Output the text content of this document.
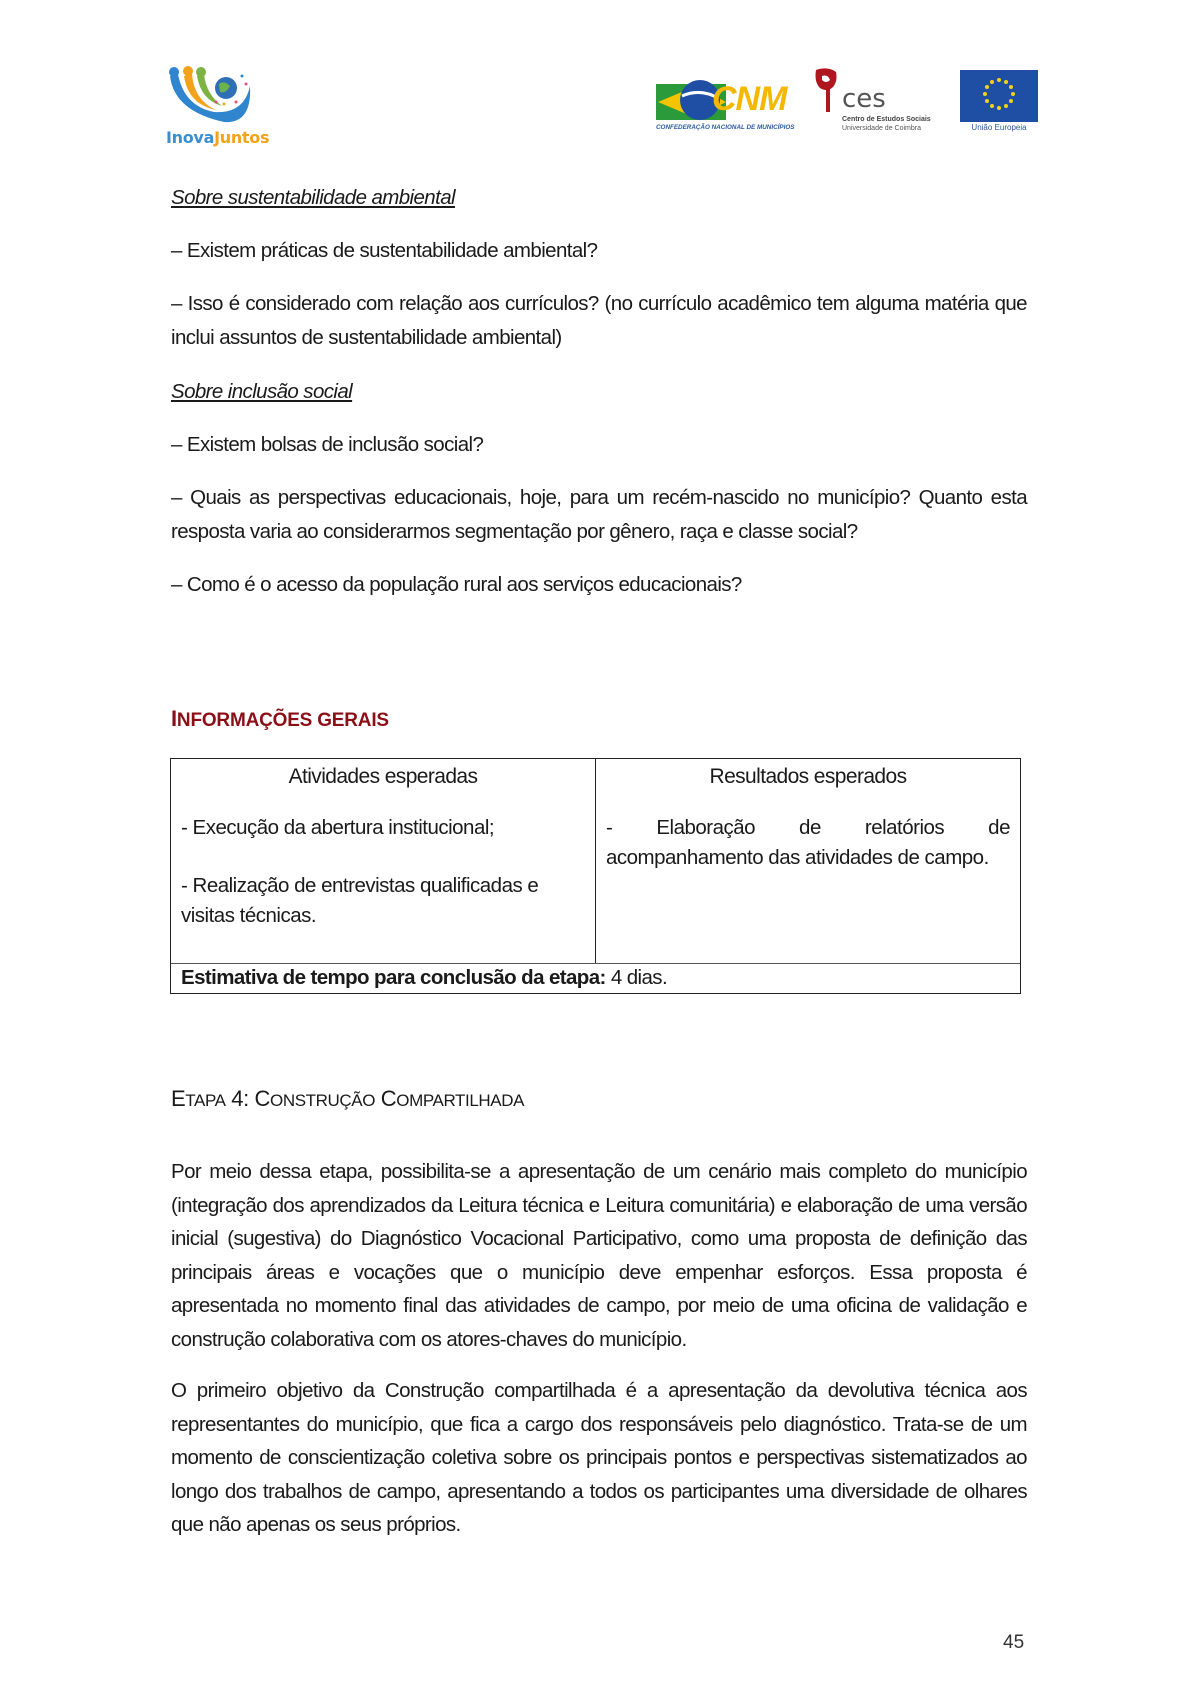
InovaJuntos
CNM
CONFEDERAÇÃO NACIONAL DE MUNICÍPIOS
ces
Centro de Estudos Sociais
Universidade de Coimbra	União Europeia
Sobre sustentabilidade ambiental
– Existem práticas de sustentabilidade ambiental?
– Isso é considerado com relação aos currículos? (no currículo acadêmico tem alguma matéria que inclui assuntos de sustentabilidade ambiental)
Sobre inclusão social
– Existem bolsas de inclusão social?
– Quais as perspectivas educacionais, hoje, para um recém-nascido no município? Quanto esta resposta varia ao considerarmos segmentação por gênero, raça e classe social?
– Como é o acesso da população rural aos serviços educacionais?
INFORMAÇÕES GERAIS
Atividades esperadas
- Execução da abertura institucional;
- Realização de entrevistas qualificadas e visitas técnicas.
Resultados esperados
- Elaboração de relatórios de acompanhamento das atividades de campo.
Estimativa de tempo para conclusão da etapa: 4 dias.
ETAPA 4: CONSTRUÇÃO COMPARTILHADA
Por meio dessa etapa, possibilita-se a apresentação de um cenário mais completo do município (integração dos aprendizados da Leitura técnica e Leitura comunitária) e elaboração de uma versão inicial (sugestiva) do Diagnóstico Vocacional Participativo, como uma proposta de definição das principais áreas e vocações que o município deve empenhar esforços. Essa proposta é apresentada no momento final das atividades de campo, por meio de uma oficina de validação e construção colaborativa com os atores-chaves do município.
O primeiro objetivo da Construção compartilhada é a apresentação da devolutiva técnica aos representantes do município, que fica a cargo dos responsáveis pelo diagnóstico. Trata-se de um momento de conscientização coletiva sobre os principais pontos e perspectivas sistematizados ao longo dos trabalhos de campo, apresentando a todos os participantes uma diversidade de olhares que não apenas os seus próprios.
45
